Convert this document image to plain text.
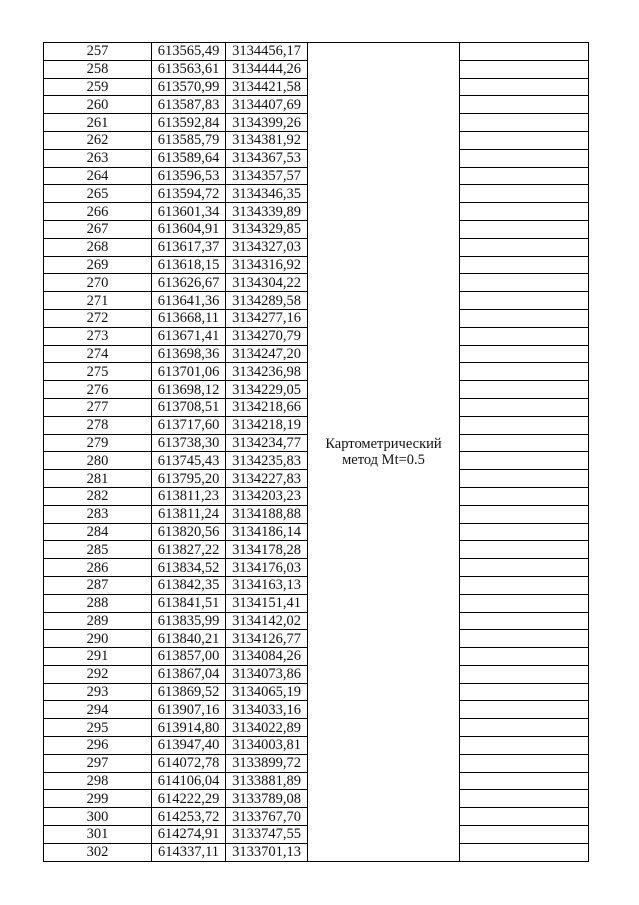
257	613565,49	3134456,17	Картометрический
метод Mt=0.5	

258	613563,61	3134444,26		
259	613570,99	3134421,58		
260	613587,83	3134407,69		
261	613592,84	3134399,26		
262	613585,79	3134381,92		
263	613589,64	3134367,53		
264	613596,53	3134357,57		
265	613594,72	3134346,35		
266	613601,34	3134339,89		
267	613604,91	3134329,85		
268	613617,37	3134327,03		
269	613618,15	3134316,92		
270	613626,67	3134304,22		
271	613641,36	3134289,58		
272	613668,11	3134277,16		
273	613671,41	3134270,79		
274	613698,36	3134247,20		
275	613701,06	3134236,98		
276	613698,12	3134229,05		
277	613708,51	3134218,66		
278	613717,60	3134218,19		
279	613738,30	3134234,77		
280	613745,43	3134235,83		
281	613795,20	3134227,83		
282	613811,23	3134203,23		
283	613811,24	3134188,88		
284	613820,56	3134186,14		
285	613827,22	3134178,28		
286	613834,52	3134176,03		
287	613842,35	3134163,13		
288	613841,51	3134151,41		
289	613835,99	3134142,02		
290	613840,21	3134126,77		
291	613857,00	3134084,26		
292	613867,04	3134073,86		
293	613869,52	3134065,19		
294	613907,16	3134033,16		
295	613914,80	3134022,89		
296	613947,40	3134003,81		
297	614072,78	3133899,72		
298	614106,04	3133881,89		
299	614222,29	3133789,08		
300	614253,72	3133767,70		
301	614274,91	3133747,55		
302	614337,11	3133701,13		
